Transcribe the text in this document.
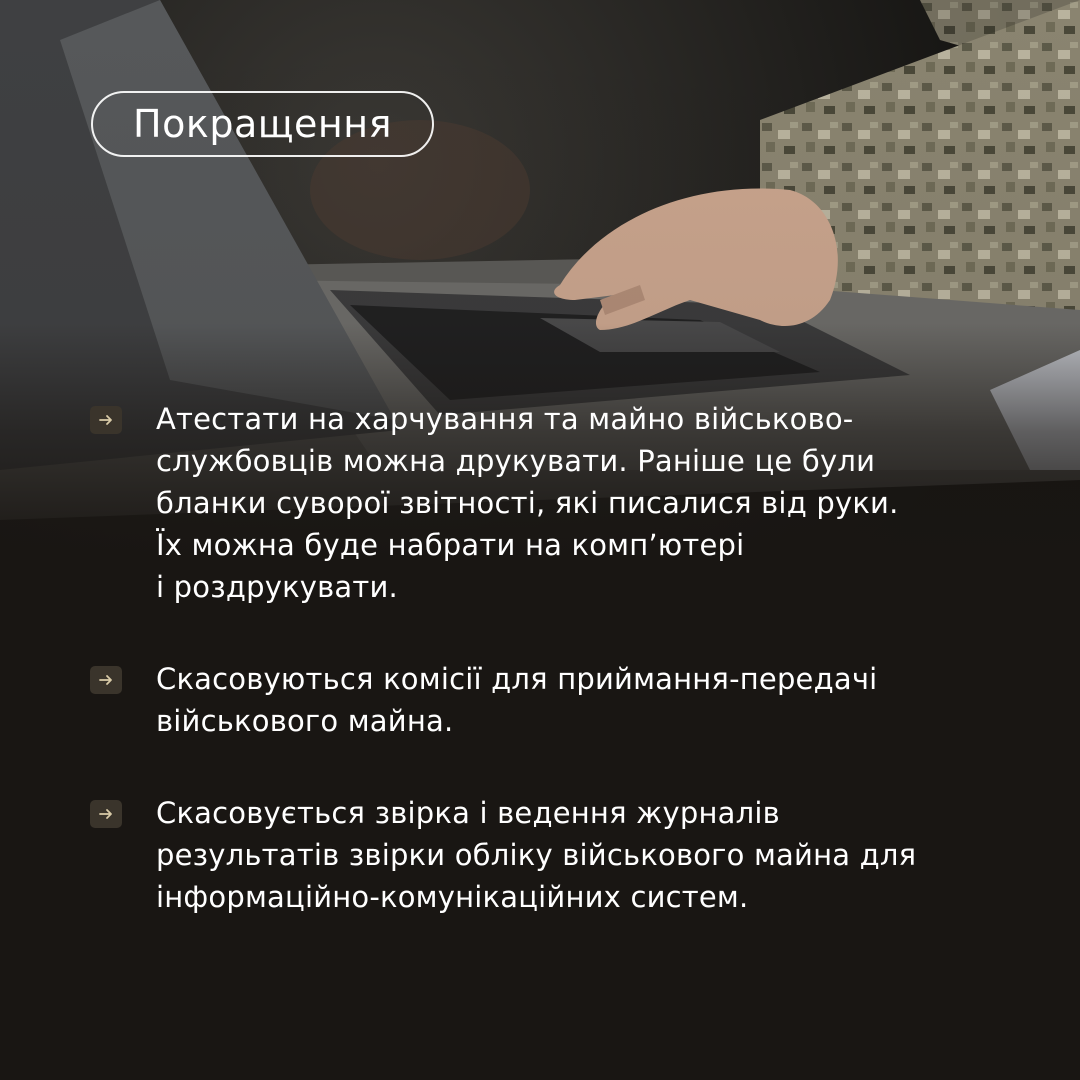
Покращення
Атестати на харчування та майно військово-
службовців можна друкувати. Раніше це були
бланки суворої звітності, які писалися від руки.
Їх можна буде набрати на комп’ютері
і роздрукувати.
Скасовуються комісії для приймання-передачі
військового майна.
Скасовується звірка і ведення журналів
результатів звірки обліку військового майна для
інформаційно-комунікаційних систем.
